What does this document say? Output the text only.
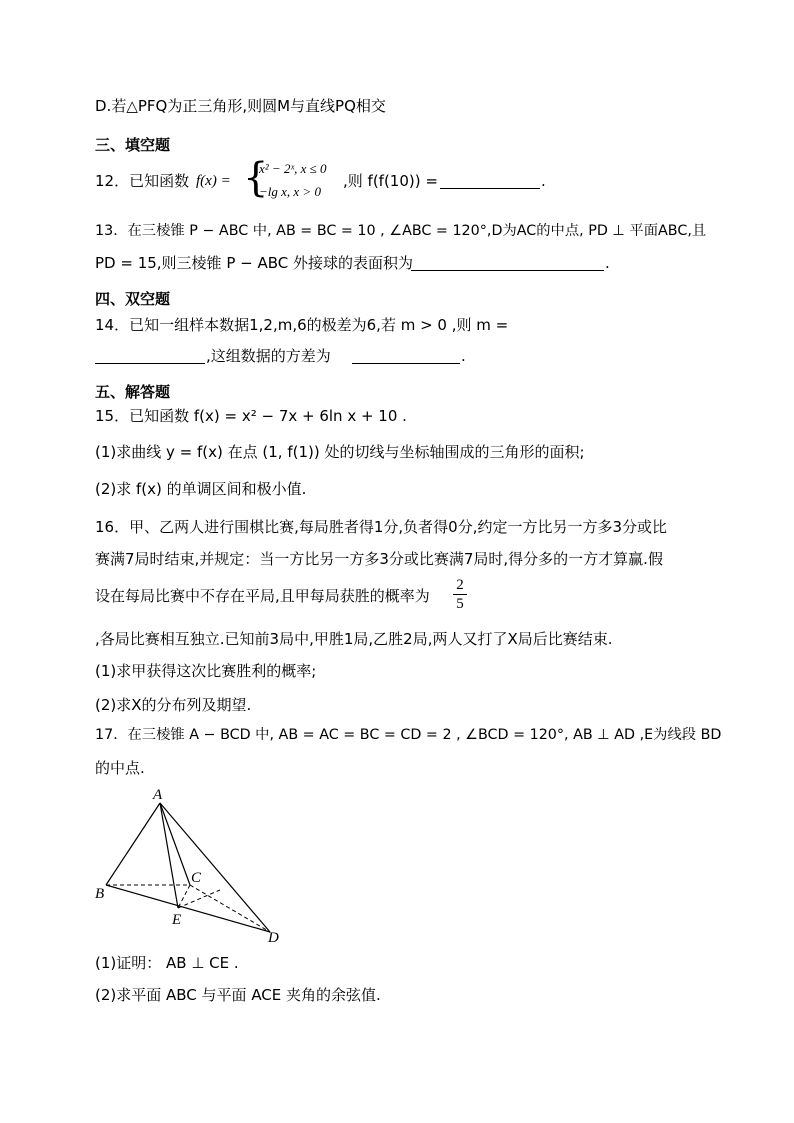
D.若△PFQ为正三角形,则圆M与直线PQ相交
三、填空题
12．已知函数 f(x) = {
x² − 2ˣ, x ≤ 0
−lg x, x > 0
,则 f(f(10)) =	.
13．在三棱锥 P − ABC 中, AB = BC = 10 , ∠ABC = 120°,D为AC的中点, PD ⊥ 平面ABC,且
PD = 15,则三棱锥 P − ABC 外接球的表面积为	.
四、双空题
14．已知一组样本数据1,2,m,6的极差为6,若 m > 0 ,则 m =
,这组数据的方差为	.
五、解答题
15．已知函数 f(x) = x² − 7x + 6ln x + 10 .
(1)求曲线 y = f(x) 在点 (1, f(1)) 处的切线与坐标轴围成的三角形的面积;
(2)求 f(x) 的单调区间和极小值.
16．甲、乙两人进行围棋比赛,每局胜者得1分,负者得0分,约定一方比另一方多3分或比
赛满7局时结束,并规定：当一方比另一方多3分或比赛满7局时,得分多的一方才算赢.假
设在每局比赛中不存在平局,且甲每局获胜的概率为 $\frac{2}{5}$
,各局比赛相互独立.已知前3局中,甲胜1局,乙胜2局,两人又打了X局后比赛结束.
(1)求甲获得这次比赛胜利的概率;
(2)求X的分布列及期望.
17．在三棱锥 A − BCD 中, AB = AC = BC = CD = 2 , ∠BCD = 120°, AB ⊥ AD ,E为线段 BD
的中点.
A
B
C
E
D
(1)证明： AB ⊥ CE .
(2)求平面 ABC 与平面 ACE 夹角的余弦值.
